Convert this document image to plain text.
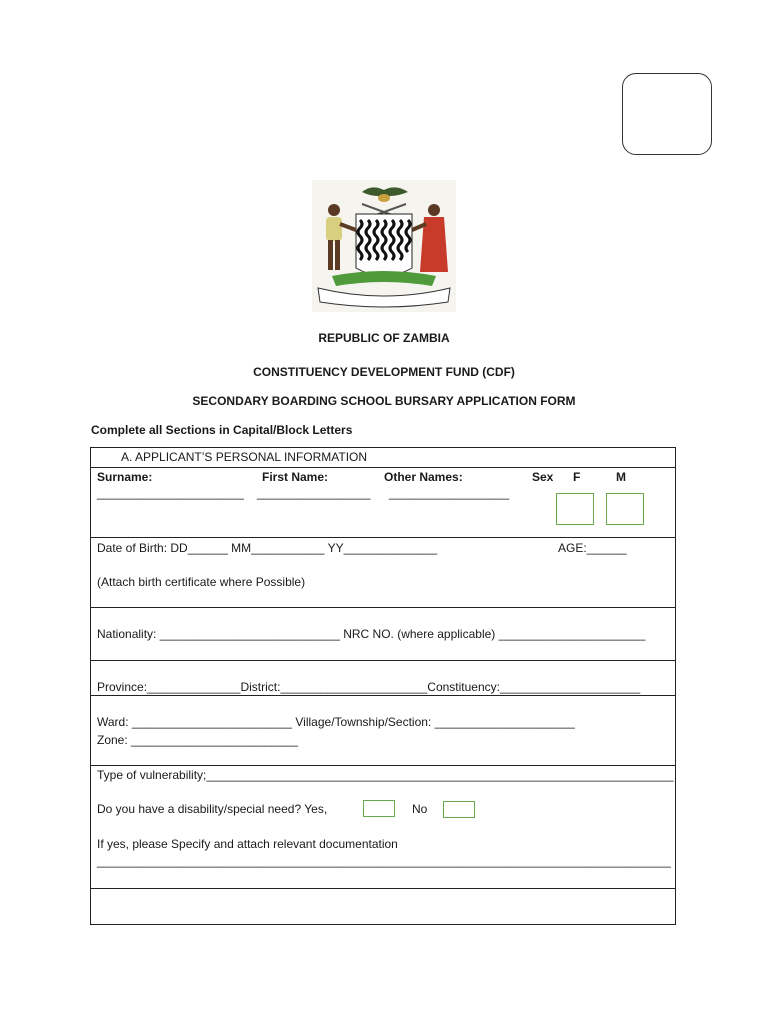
REPUBLIC OF ZAMBIA
CONSTITUENCY DEVELOPMENT FUND (CDF)
SECONDARY BOARDING SCHOOL BURSARY APPLICATION FORM
Complete all Sections in Capital/Block Letters
A. APPLICANT’S PERSONAL INFORMATION
Surname:	First Name:	Other Names:	Sex F	M
______________________ _________________ __________________
Date of Birth: DD______ MM___________ YY______________	AGE:______
(Attach birth certificate where Possible)
Nationality: ___________________________ NRC NO. (where applicable) ______________________
Province:______________District:______________________Constituency:_____________________
Ward: ________________________ Village/Township/Section: _____________________
Zone: _________________________
Type of vulnerability;______________________________________________________________________
Do you have a disability/special need? Yes,	No
If yes, please Specify and attach relevant documentation
______________________________________________________________________________________
